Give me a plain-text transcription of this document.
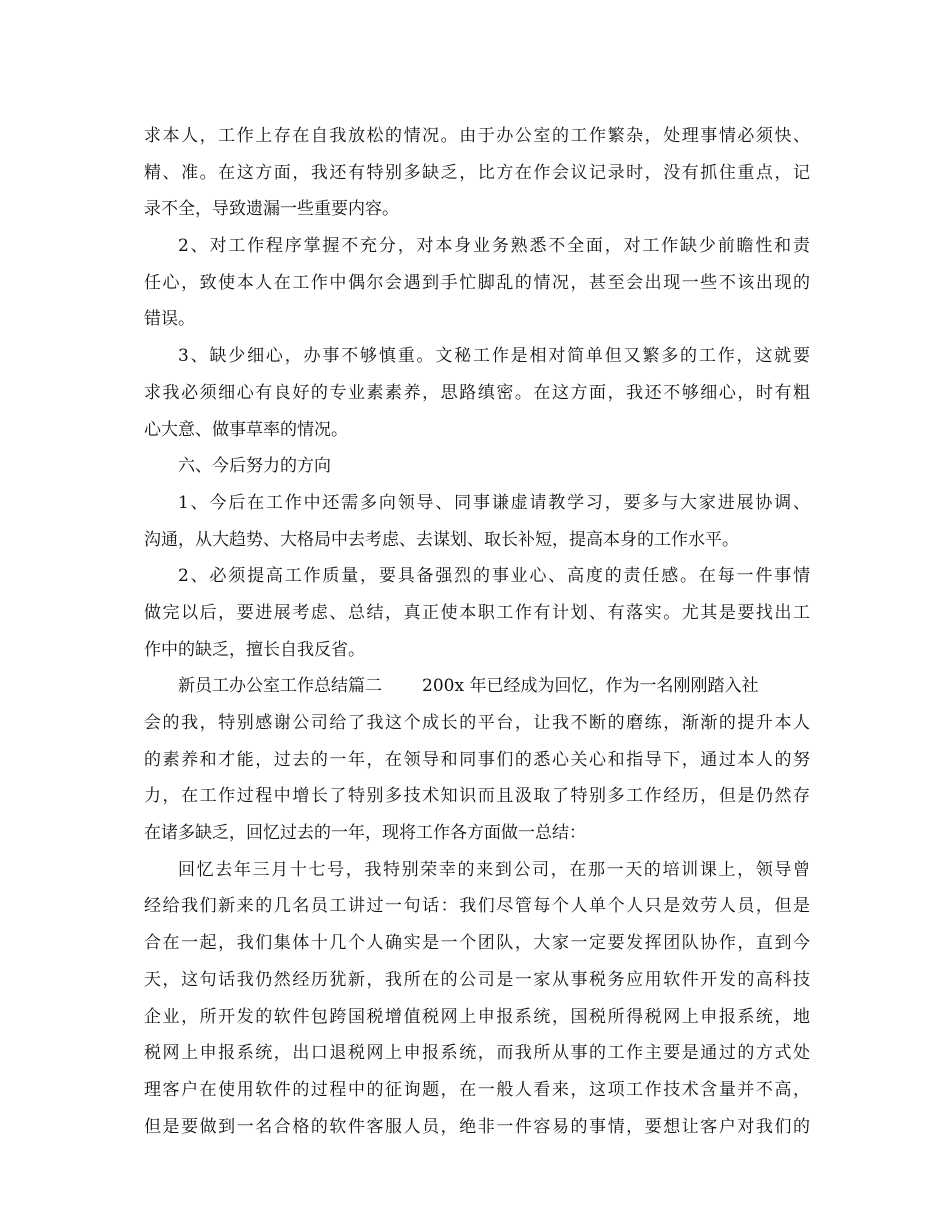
求本人，工作上存在自我放松的情况。由于办公室的工作繁杂，处理事情必须快、
精、准。在这方面，我还有特别多缺乏，比方在作会议记录时，没有抓住重点，记
录不全，导致遗漏一些重要内容。
2、对工作程序掌握不充分，对本身业务熟悉不全面，对工作缺少前瞻性和责
任心，致使本人在工作中偶尔会遇到手忙脚乱的情况，甚至会出现一些不该出现的
错误。
3、缺少细心，办事不够慎重。文秘工作是相对简单但又繁多的工作，这就要
求我必须细心有良好的专业素素养，思路缜密。在这方面，我还不够细心，时有粗
心大意、做事草率的情况。
六、今后努力的方向
1、今后在工作中还需多向领导、同事谦虚请教学习，要多与大家进展协调、
沟通，从大趋势、大格局中去考虑、去谋划、取长补短，提高本身的工作水平。
2、必须提高工作质量，要具备强烈的事业心、高度的责任感。在每一件事情
做完以后，要进展考虑、总结，真正使本职工作有计划、有落实。尤其是要找出工
作中的缺乏，擅长自我反省。
新员工办公室工作总结篇二 200x 年已经成为回忆，作为一名刚刚踏入社
会的我，特别感谢公司给了我这个成长的平台，让我不断的磨练，渐渐的提升本人
的素养和才能，过去的一年，在领导和同事们的悉心关心和指导下，通过本人的努
力，在工作过程中增长了特别多技术知识而且汲取了特别多工作经历，但是仍然存
在诸多缺乏，回忆过去的一年，现将工作各方面做一总结：
回忆去年三月十七号，我特别荣幸的来到公司，在那一天的培训课上，领导曾
经给我们新来的几名员工讲过一句话：我们尽管每个人单个人只是效劳人员，但是
合在一起，我们集体十几个人确实是一个团队，大家一定要发挥团队协作，直到今
天，这句话我仍然经历犹新，我所在的公司是一家从事税务应用软件开发的高科技
企业，所开发的软件包跨国税增值税网上申报系统，国税所得税网上申报系统，地
税网上申报系统，出口退税网上申报系统，而我所从事的工作主要是通过的方式处
理客户在使用软件的过程中的征询题，在一般人看来，这项工作技术含量并不高，
但是要做到一名合格的软件客服人员，绝非一件容易的事情，要想让客户对我们的
